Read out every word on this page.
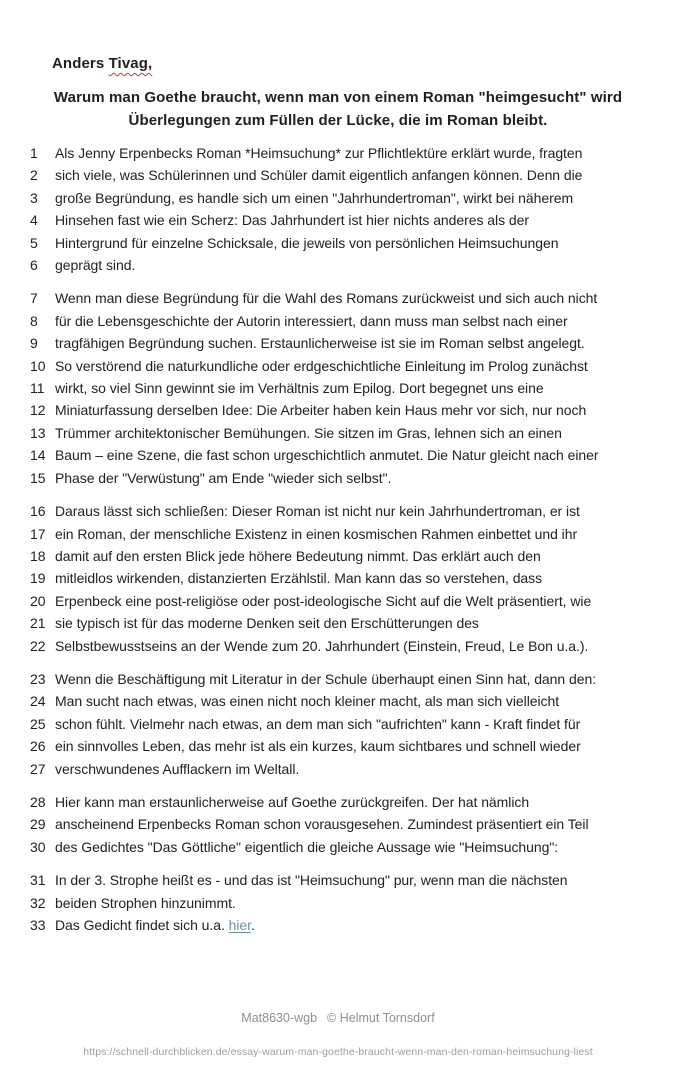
Anders Tivag,
Warum man Goethe braucht, wenn man von einem Roman "heimgesucht" wird
Überlegungen zum Füllen der Lücke, die im Roman bleibt.
1	Als Jenny Erpenbecks Roman *Heimsuchung* zur Pflichtlektüre erklärt wurde, fragten
2	sich viele, was Schülerinnen und Schüler damit eigentlich anfangen können. Denn die
3	große Begründung, es handle sich um einen "Jahrhundertroman", wirkt bei näherem
4	Hinsehen fast wie ein Scherz: Das Jahrhundert ist hier nichts anderes als der
5	Hintergrund für einzelne Schicksale, die jeweils von persönlichen Heimsuchungen
6	geprägt sind.
7	Wenn man diese Begründung für die Wahl des Romans zurückweist und sich auch nicht
8	für die Lebensgeschichte der Autorin interessiert, dann muss man selbst nach einer
9	tragfähigen Begründung suchen. Erstaunlicherweise ist sie im Roman selbst angelegt.
10 So verstörend die naturkundliche oder erdgeschichtliche Einleitung im Prolog zunächst
11 wirkt, so viel Sinn gewinnt sie im Verhältnis zum Epilog. Dort begegnet uns eine
12 Miniaturfassung derselben Idee: Die Arbeiter haben kein Haus mehr vor sich, nur noch
13 Trümmer architektonischer Bemühungen. Sie sitzen im Gras, lehnen sich an einen
14 Baum – eine Szene, die fast schon urgeschichtlich anmutet. Die Natur gleicht nach einer
15 Phase der "Verwüstung" am Ende "wieder sich selbst".
16 Daraus lässt sich schließen: Dieser Roman ist nicht nur kein Jahrhundertroman, er ist
17 ein Roman, der menschliche Existenz in einen kosmischen Rahmen einbettet und ihr
18 damit auf den ersten Blick jede höhere Bedeutung nimmt. Das erklärt auch den
19 mitleidlos wirkenden, distanzierten Erzählstil. Man kann das so verstehen, dass
20 Erpenbeck eine post-religiöse oder post-ideologische Sicht auf die Welt präsentiert, wie
21 sie typisch ist für das moderne Denken seit den Erschütterungen des
22 Selbstbewusstseins an der Wende zum 20. Jahrhundert (Einstein, Freud, Le Bon u.a.).
23 Wenn die Beschäftigung mit Literatur in der Schule überhaupt einen Sinn hat, dann den:
24 Man sucht nach etwas, was einen nicht noch kleiner macht, als man sich vielleicht
25 schon fühlt. Vielmehr nach etwas, an dem man sich "aufrichten" kann - Kraft findet für
26 ein sinnvolles Leben, das mehr ist als ein kurzes, kaum sichtbares und schnell wieder
27 verschwundenes Aufflackern im Weltall.
28 Hier kann man erstaunlicherweise auf Goethe zurückgreifen. Der hat nämlich
29 anscheinend Erpenbecks Roman schon vorausgesehen. Zumindest präsentiert ein Teil
30 des Gedichtes "Das Göttliche" eigentlich die gleiche Aussage wie "Heimsuchung":
31 In der 3. Strophe heißt es - und das ist "Heimsuchung" pur, wenn man die nächsten
32 beiden Strophen hinzunimmt.
33 Das Gedicht findet sich u.a. hier.
Mat8630-wgb © Helmut Tornsdorf
https://schnell-durchblicken.de/essay-warum-man-goethe-braucht-wenn-man-den-roman-heimsuchung-liest
